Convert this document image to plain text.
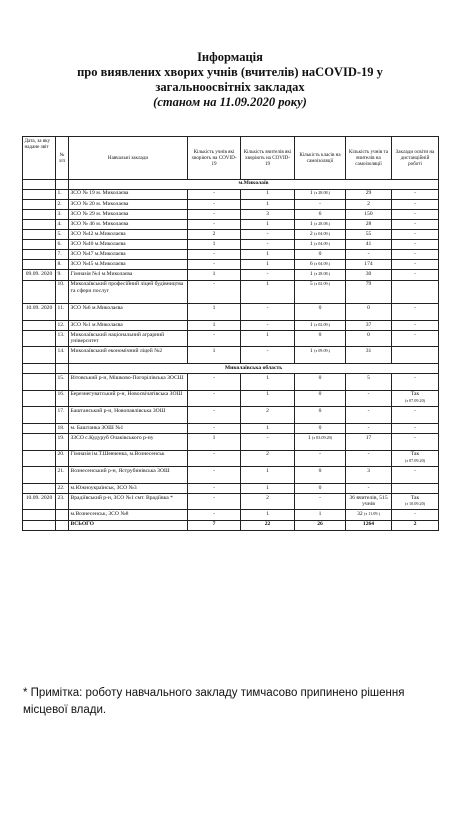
Інформація
про виявлених хворих учнів (вчителів) наCOVID-19 у
загальноосвітніх закладах
(станом на 11.09.2020 року)
Дата, за яку надане звіт	№ з/п	Навчальні заклади	Кількість учнів які хворіють на COVID-19	Кількість вчителів які хворіють на COVID-19	Кількість класів на самоізоляції	Кількість учнів та вчителів на самоізоляції	Заклади освіти на дистанційній роботі
		м.Миколаїв					
	1.	ЗСО № 19 м. Миколаєва	-	1	1 (з 28.08.)	29	-
	2.	ЗСО № 20 м. Миколаєва	-	1	-	2	-
	3.	ЗСО № 29 м. Миколаєва	-	3	6	150	-
	4.	ЗСО № 46 м. Миколаєва	-	1	1 (з 28.08.)	28	-
	5.	ЗСО №42 м.Миколаєва	2	-	2 (з 04.09.)	55	-
	6.	ЗСО №40 м.Миколаєва	1	-	1 (з 04.09.)	41	-
	7.	ЗСО №47 м.Миколаєва	-	1	0	-	-
	8.	ЗСО №45 м.Миколаєва	-	1	6 (з 04.09.)	174	-
09.09. 2020	9.	Гімназія №4 м.Миколаєва	1	-	1 (з 28.08.)	30	-
	10.	Миколаївський професійний ліцей будівництва та сфери послуг	-	1	5 (з 02.09.)	79	
10.09. 2020	11.	ЗСО №6 м.Миколаєва	1	-	0	0	-
	12.	ЗСО №1 м.Миколаєва	1	-	1 (з 02.09.)	37	-
	13.	Миколаївський національний аграрний університет	-	1	0	0	-
	14.	Миколаївський економічний ліцей №2	1	-	1 (з 09.09.)	31	
		Миколаївська область					
	15.	Вітовський р-н, Мішково-Погорілівська ЗОСШ	-	1	0	5	-
	16.	Березнегуватський р-н, Новосвічатівська ЗОШ	-	1	0	-	Так
(з 07.09.20)
	17.	Баштанський р-н, Новопавлівська ЗОШ	-	2	0	-	-
	18.	м. Баштанка ЗОШ №1	-	1	0	-	-
	19.	ЗЗСО с.Кудуруб Очаківського р-ну	1	-	1 (з 03.09.20)	17	-
	20.	Гімназія ім.Т.Шевченка, м.Вознесенськ	-	2	-	-	Так
(з 07.09.20)
	21.	Вознесенський р-н, Яструбинівська ЗОШ	-	1	0	3	-
	22.	м.Южноукраїнськ, ЗСО №3	-	1	0	-	
10.09. 2020	23.	Врадіївський р-н, ЗСО №1 смт. Врадіївка *	-	2	-	36 вчителів, 515 учнів	Так
(з 10.09.20)
		м.Вознесенськ, ЗСО №8	-	1	1	32 (з 11.09.)	-
		ВСЬОГО	7	22	26	1264	2
* Примітка: роботу навчального закладу тимчасово припинено рішення місцевої влади.
